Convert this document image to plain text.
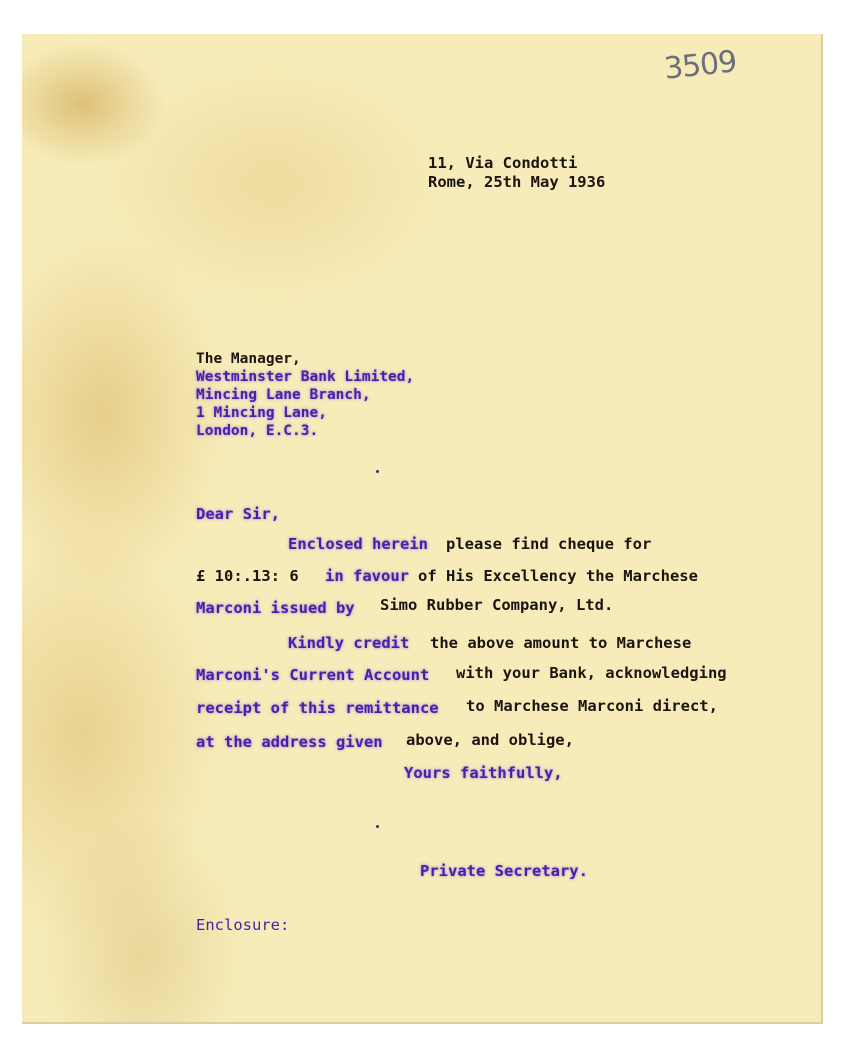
3509
11, Via Condotti
Rome, 25th May 1936
The Manager,
Westminster Bank Limited,
Mincing Lane Branch,
1 Mincing Lane,
London, E.C.3.
Dear Sir,
Enclosed herein please find cheque for
£ 10:.13: 6 in favour of His Excellency the Marchese
Marconi issued by Simo Rubber Company, Ltd.
Kindly credit the above amount to Marchese
Marconi's Current Account with your Bank, acknowledging
receipt of this remittance to Marchese Marconi direct,
at the address given above, and oblige,
Yours faithfully,
Private Secretary.
Enclosure:
